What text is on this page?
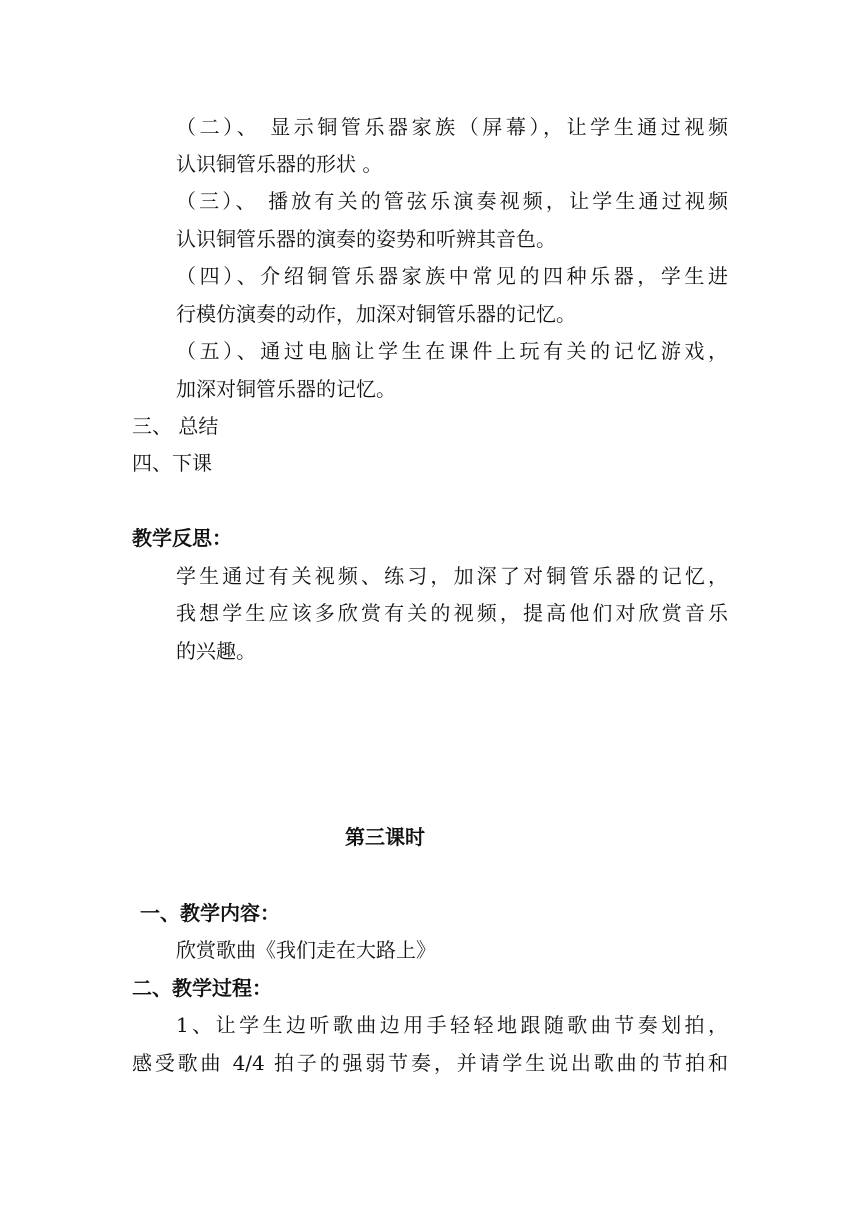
（二）、 显示铜管乐器家族（屏幕），让学生通过视频
认识铜管乐器的形状 。
（三）、 播放有关的管弦乐演奏视频，让学生通过视频
认识铜管乐器的演奏的姿势和听辨其音色。
（四）、介绍铜管乐器家族中常见的四种乐器，学生进
行模仿演奏的动作，加深对铜管乐器的记忆。
（五）、通过电脑让学生在课件上玩有关的记忆游戏，
加深对铜管乐器的记忆。
三、 总结
四、下课
教学反思：
学生通过有关视频、练习，加深了对铜管乐器的记忆，
我想学生应该多欣赏有关的视频，提高他们对欣赏音乐
的兴趣。
第三课时
一、教学内容：
欣赏歌曲《我们走在大路上》
二、教学过程：
1、让学生边听歌曲边用手轻轻地跟随歌曲节奏划拍，
感受歌曲 4/4 拍子的强弱节奏，并请学生说出歌曲的节拍和
